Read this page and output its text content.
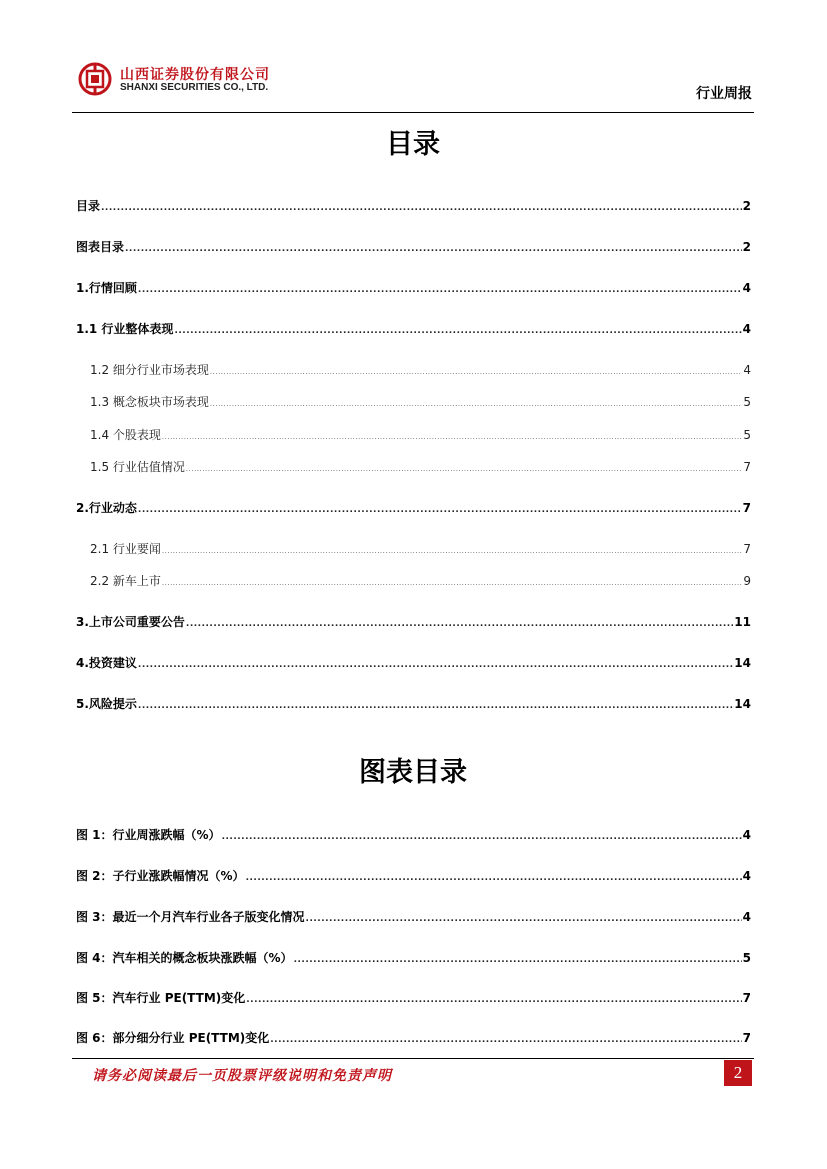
山西证券股份有限公司
SHANXI SECURITIES CO., LTD.	行业周报
目录
目录 .....	2
图表目录 .....	2
1.行情回顾 .....	4
1.1 行业整体表现 .....	4
1.2 细分行业市场表现 .....	4
1.3 概念板块市场表现 .....	5
1.4 个股表现 .....	5
1.5 行业估值情况 .....	7
2.行业动态 .....	7
2.1 行业要闻 .....	7
2.2 新车上市 .....	9
3.上市公司重要公告 .....	11
4.投资建议 .....	14
5.风险提示 .....	14
图表目录
图 1：行业周涨跌幅（%） .....	4
图 2：子行业涨跌幅情况（%） .....	4
图 3：最近一个月汽车行业各子版变化情况 .....	4
图 4：汽车相关的概念板块涨跌幅（%） .....	5
图 5：汽车行业 PE(TTM)变化 .....	7
图 6：部分细分行业 PE(TTM)变化 .....	7
请务必阅读最后一页股票评级说明和免责声明	2
